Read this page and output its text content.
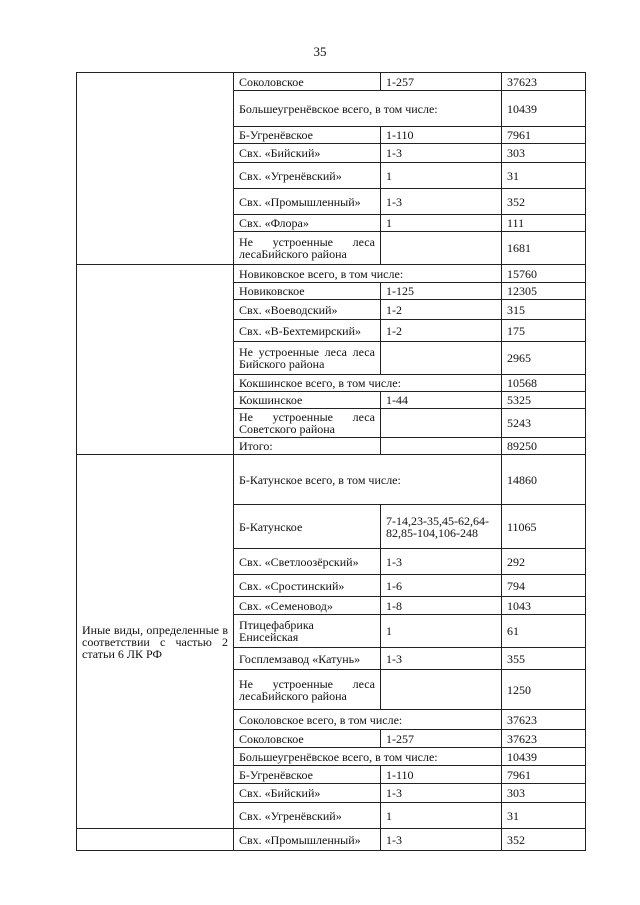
35
	Соколовское	1-257	37623
	Большеугренёвское всего, в том числе:		10439
	Б-Угренёвское	1-110	7961
	Свх. «Бийский»	1-3	303
	Свх. «Угренёвский»	1	31
	Свх. «Промышленный»	1-3	352
	Свх. «Флора»	1	111
	Не устроенные леса лесаБийского района		1681

	Новиковское всего, в том числе:		15760
	Новиковское	1-125	12305
	Свх. «Воеводский»	1-2	315
	Свх. «В-Бехтемирский»	1-2	175
	Не устроенные леса леса Бийского района		2965
	Кокшинское всего, в том числе:		10568
	Кокшинское	1-44	5325
	Не устроенные леса Советского района		5243
	Итого:		89250

Иные виды, определенные в соответствии с частью 2 статьи 6 ЛК РФ	Б-Катунское всего, в том числе:		14860
	Б-Катунское	7-14,23-35,45-62,64-82,85-104,106-248	11065
	Свх. «Светлоозёрский»	1-3	292
	Свх. «Сростинский»	1-6	794
	Свх. «Семеновод»	1-8	1043
	Птицефабрика Енисейская	1	61
	Госплемзавод «Катунь»	1-3	355
	Не устроенные леса лесаБийского района		1250
	Соколовское всего, в том числе:		37623
	Соколовское	1-257	37623
	Большеугренёвское всего, в том числе:		10439
	Б-Угренёвское	1-110	7961
	Свх. «Бийский»	1-3	303
	Свх. «Угренёвский»	1	31

	Свх. «Промышленный»	1-3	352
